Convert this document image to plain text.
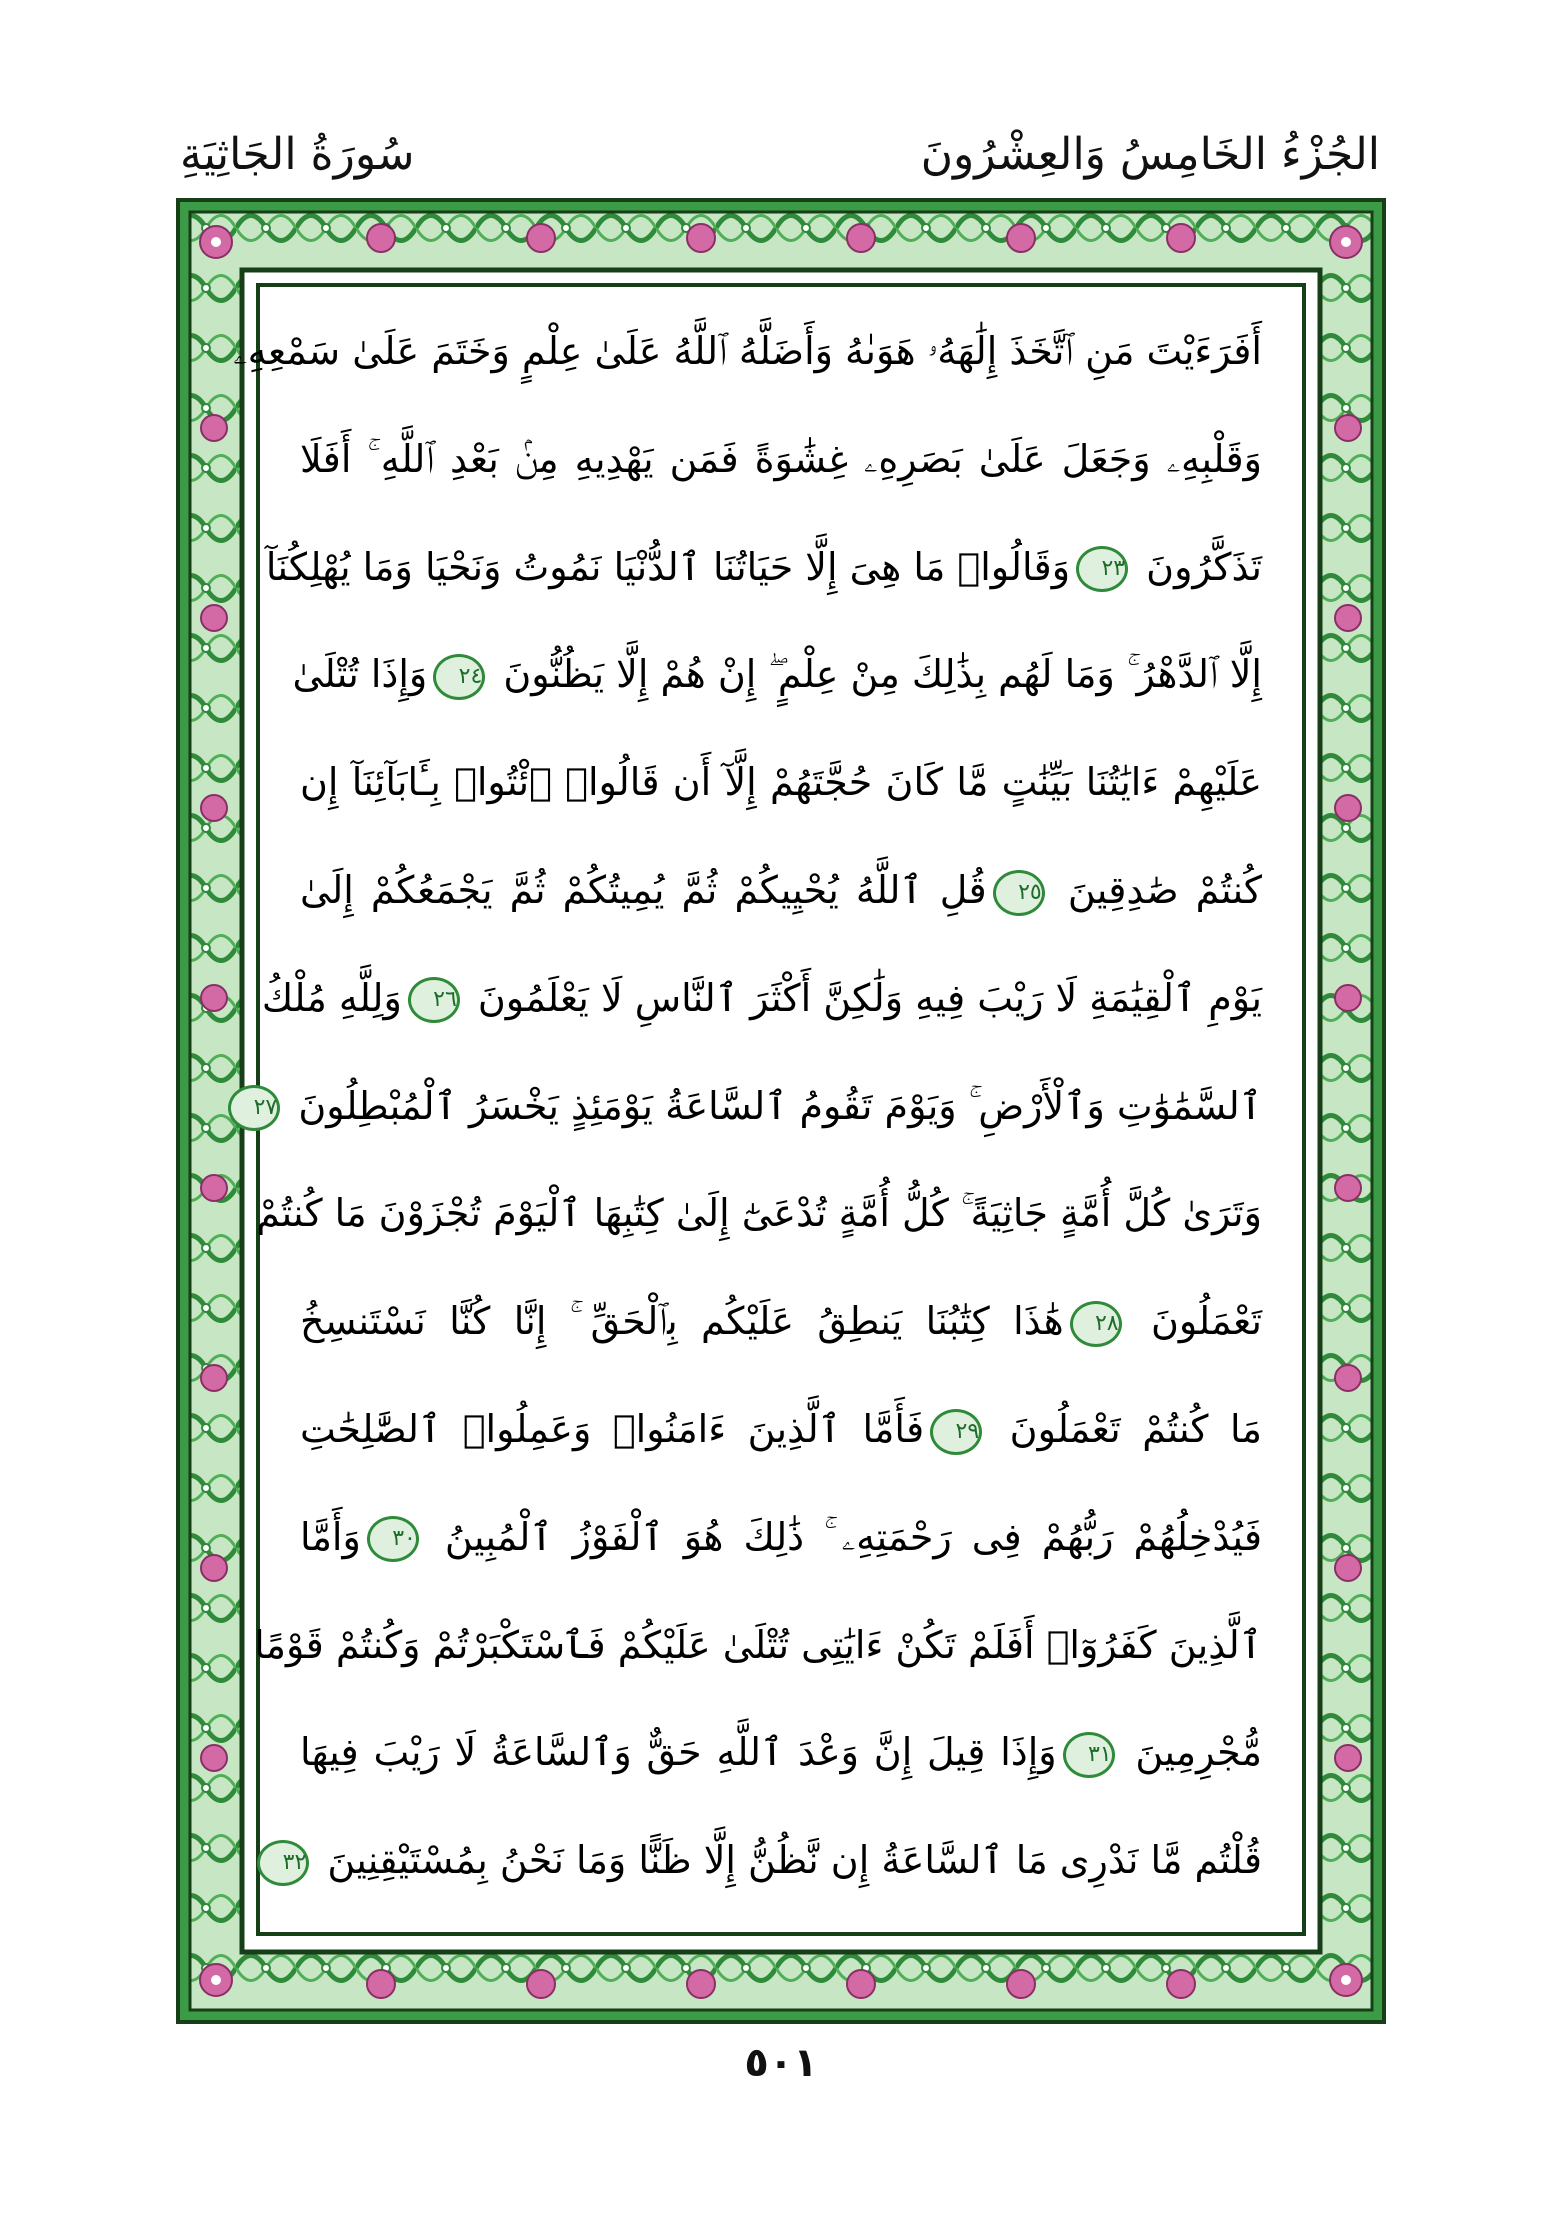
الجُزْءُ الخَامِسُ وَالعِشْرُونَ
سُورَةُ الجَاثِيَةِ
أَفَرَءَيْتَ مَنِ ٱتَّخَذَ إِلَٰهَهُۥ هَوَىٰهُ وَأَضَلَّهُ ٱللَّهُ عَلَىٰ عِلْمٍ وَخَتَمَ عَلَىٰ سَمْعِهِۦ
وَقَلْبِهِۦ وَجَعَلَ عَلَىٰ بَصَرِهِۦ غِشَٰوَةً فَمَن يَهْدِيهِ مِنۢ بَعْدِ ٱللَّهِ ۚ أَفَلَا
تَذَكَّرُونَ ٢٣وَقَالُوا۟ مَا هِىَ إِلَّا حَيَاتُنَا ٱلدُّنْيَا نَمُوتُ وَنَحْيَا وَمَا يُهْلِكُنَآ
إِلَّا ٱلدَّهْرُ ۚ وَمَا لَهُم بِذَٰلِكَ مِنْ عِلْمٍ ۖ إِنْ هُمْ إِلَّا يَظُنُّونَ ٢٤وَإِذَا تُتْلَىٰ
عَلَيْهِمْ ءَايَٰتُنَا بَيِّنَٰتٍ مَّا كَانَ حُجَّتَهُمْ إِلَّآ أَن قَالُوا۟ ٱئْتُوا۟ بِـَٔابَآئِنَآ إِن
كُنتُمْ صَٰدِقِينَ ٢٥قُلِ ٱللَّهُ يُحْيِيكُمْ ثُمَّ يُمِيتُكُمْ ثُمَّ يَجْمَعُكُمْ إِلَىٰ
يَوْمِ ٱلْقِيَٰمَةِ لَا رَيْبَ فِيهِ وَلَٰكِنَّ أَكْثَرَ ٱلنَّاسِ لَا يَعْلَمُونَ ٢٦وَلِلَّهِ مُلْكُ
ٱلسَّمَٰوَٰتِ وَٱلْأَرْضِ ۚ وَيَوْمَ تَقُومُ ٱلسَّاعَةُ يَوْمَئِذٍ يَخْسَرُ ٱلْمُبْطِلُونَ ٢٧
وَتَرَىٰ كُلَّ أُمَّةٍ جَاثِيَةً ۚ كُلُّ أُمَّةٍ تُدْعَىٰٓ إِلَىٰ كِتَٰبِهَا ٱلْيَوْمَ تُجْزَوْنَ مَا كُنتُمْ
تَعْمَلُونَ ٢٨هَٰذَا كِتَٰبُنَا يَنطِقُ عَلَيْكُم بِٱلْحَقِّ ۚ إِنَّا كُنَّا نَسْتَنسِخُ
مَا كُنتُمْ تَعْمَلُونَ ٢٩فَأَمَّا ٱلَّذِينَ ءَامَنُوا۟ وَعَمِلُوا۟ ٱلصَّٰلِحَٰتِ
فَيُدْخِلُهُمْ رَبُّهُمْ فِى رَحْمَتِهِۦ ۚ ذَٰلِكَ هُوَ ٱلْفَوْزُ ٱلْمُبِينُ ٣٠وَأَمَّا
ٱلَّذِينَ كَفَرُوٓا۟ أَفَلَمْ تَكُنْ ءَايَٰتِى تُتْلَىٰ عَلَيْكُمْ فَٱسْتَكْبَرْتُمْ وَكُنتُمْ قَوْمًا
مُّجْرِمِينَ ٣١وَإِذَا قِيلَ إِنَّ وَعْدَ ٱللَّهِ حَقٌّ وَٱلسَّاعَةُ لَا رَيْبَ فِيهَا
قُلْتُم مَّا نَدْرِى مَا ٱلسَّاعَةُ إِن نَّظُنُّ إِلَّا ظَنًّا وَمَا نَحْنُ بِمُسْتَيْقِنِينَ ٣٢
٥٠١
